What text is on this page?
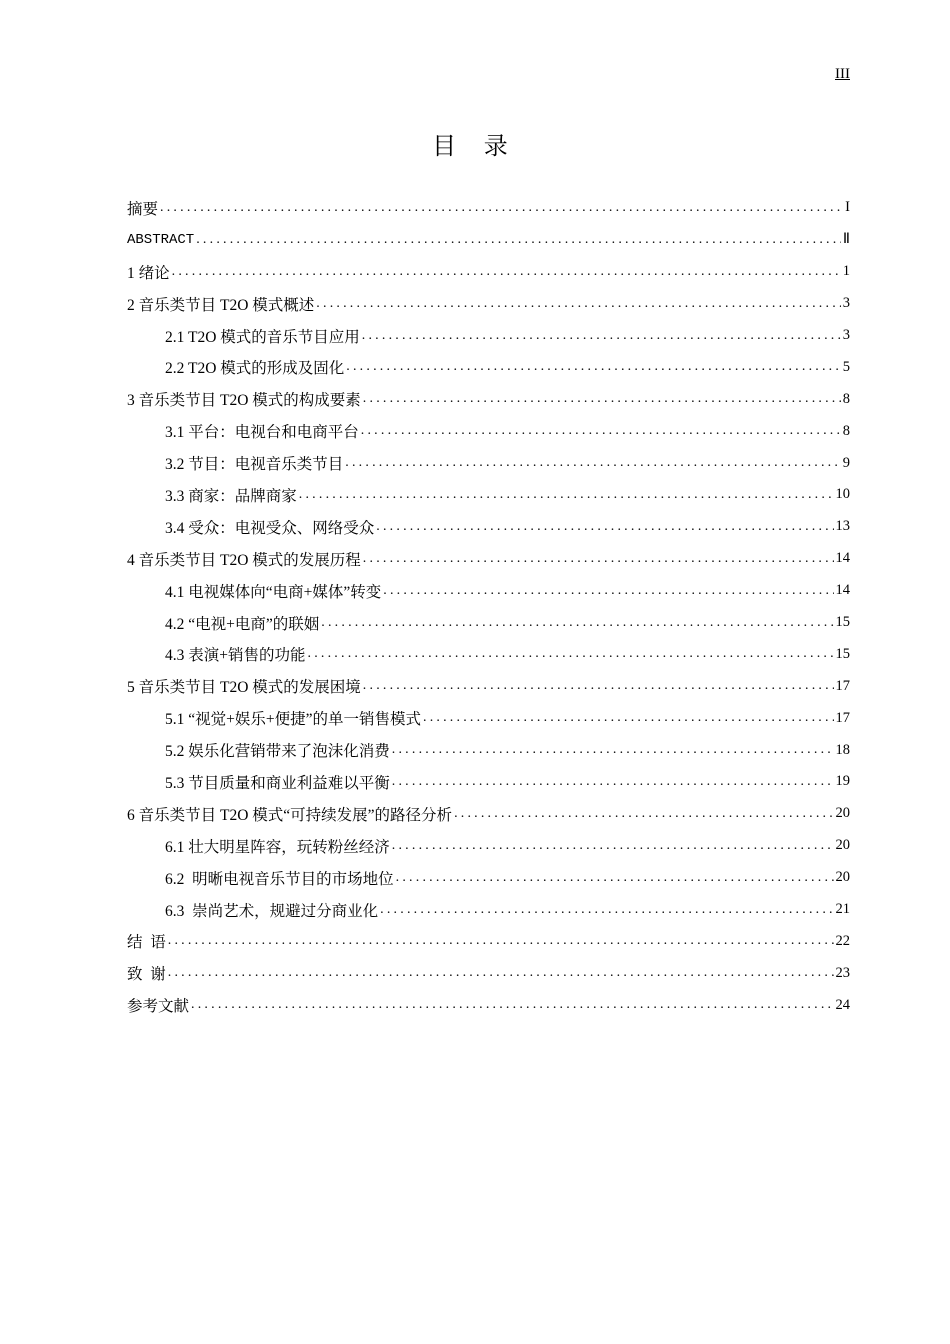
III
目 录
摘要 .....	I
ABSTRACT .....	Ⅱ
1 绪论 .....	1
2 音乐类节目 T2O 模式概述 .....	3
2.1 T2O 模式的音乐节目应用 .....	3
2.2 T2O 模式的形成及固化 .....	5
3 音乐类节目 T2O 模式的构成要素 .....	8
3.1 平台：电视台和电商平台 .....	8
3.2 节目：电视音乐类节目 .....	9
3.3 商家：品牌商家 .....	10
3.4 受众：电视受众、网络受众 .....	13
4 音乐类节目 T2O 模式的发展历程 .....	14
4.1 电视媒体向“电商+媒体”转变 .....	14
4.2 “电视+电商”的联姻 .....	15
4.3 表演+销售的功能 .....	15
5 音乐类节目 T2O 模式的发展困境 .....	17
5.1 “视觉+娱乐+便捷”的单一销售模式 .....	17
5.2 娱乐化营销带来了泡沫化消费 .....	18
5.3 节目质量和商业利益难以平衡 .....	19
6 音乐类节目 T2O 模式“可持续发展”的路径分析 .....	20
6.1 壮大明星阵容，玩转粉丝经济 .....	20
6.2  明晰电视音乐节目的市场地位 .....	20
6.3  崇尚艺术，规避过分商业化 .....	21
结  语 .....	22
致  谢 .....	23
参考文献 .....	24
